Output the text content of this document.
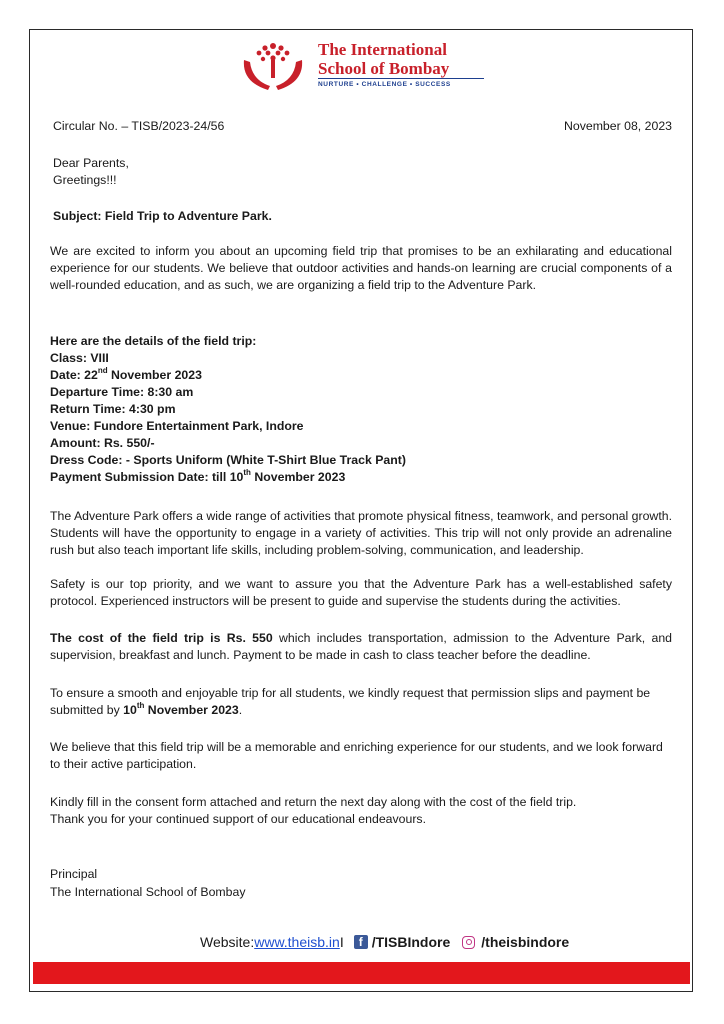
The International
School of Bombay
NURTURE • CHALLENGE • SUCCESS
Circular No. – TISB/2023-24/56	November 08, 2023
Dear Parents,
Greetings!!!
Subject: Field Trip to Adventure Park.
We are excited to inform you about an upcoming field trip that promises to be an exhilarating and educational experience for our students. We believe that outdoor activities and hands-on learning are crucial components of a well-rounded education, and as such, we are organizing a field trip to the Adventure Park.
Here are the details of the field trip:
Class: VIII
Date: 22nd November 2023
Departure Time: 8:30 am
Return Time: 4:30 pm
Venue: Fundore Entertainment Park, Indore
Amount: Rs. 550/-
Dress Code: - Sports Uniform (White T-Shirt Blue Track Pant)
Payment Submission Date: till 10th November 2023
The Adventure Park offers a wide range of activities that promote physical fitness, teamwork, and personal growth. Students will have the opportunity to engage in a variety of activities. This trip will not only provide an adrenaline rush but also teach important life skills, including problem-solving, communication, and leadership.
Safety is our top priority, and we want to assure you that the Adventure Park has a well-established safety protocol. Experienced instructors will be present to guide and supervise the students during the activities.
The cost of the field trip is Rs. 550 which includes transportation, admission to the Adventure Park, and supervision, breakfast and lunch. Payment to be made in cash to class teacher before the deadline.
To ensure a smooth and enjoyable trip for all students, we kindly request that permission slips and payment be submitted by 10th November 2023.
We believe that this field trip will be a memorable and enriching experience for our students, and we look forward to their active participation.
Kindly fill in the consent form attached and return the next day along with the cost of the field trip.
Thank you for your continued support of our educational endeavours.
Principal
The International School of Bombay
Website: www.theisb.in I	f /TISBIndore /theisbindore
